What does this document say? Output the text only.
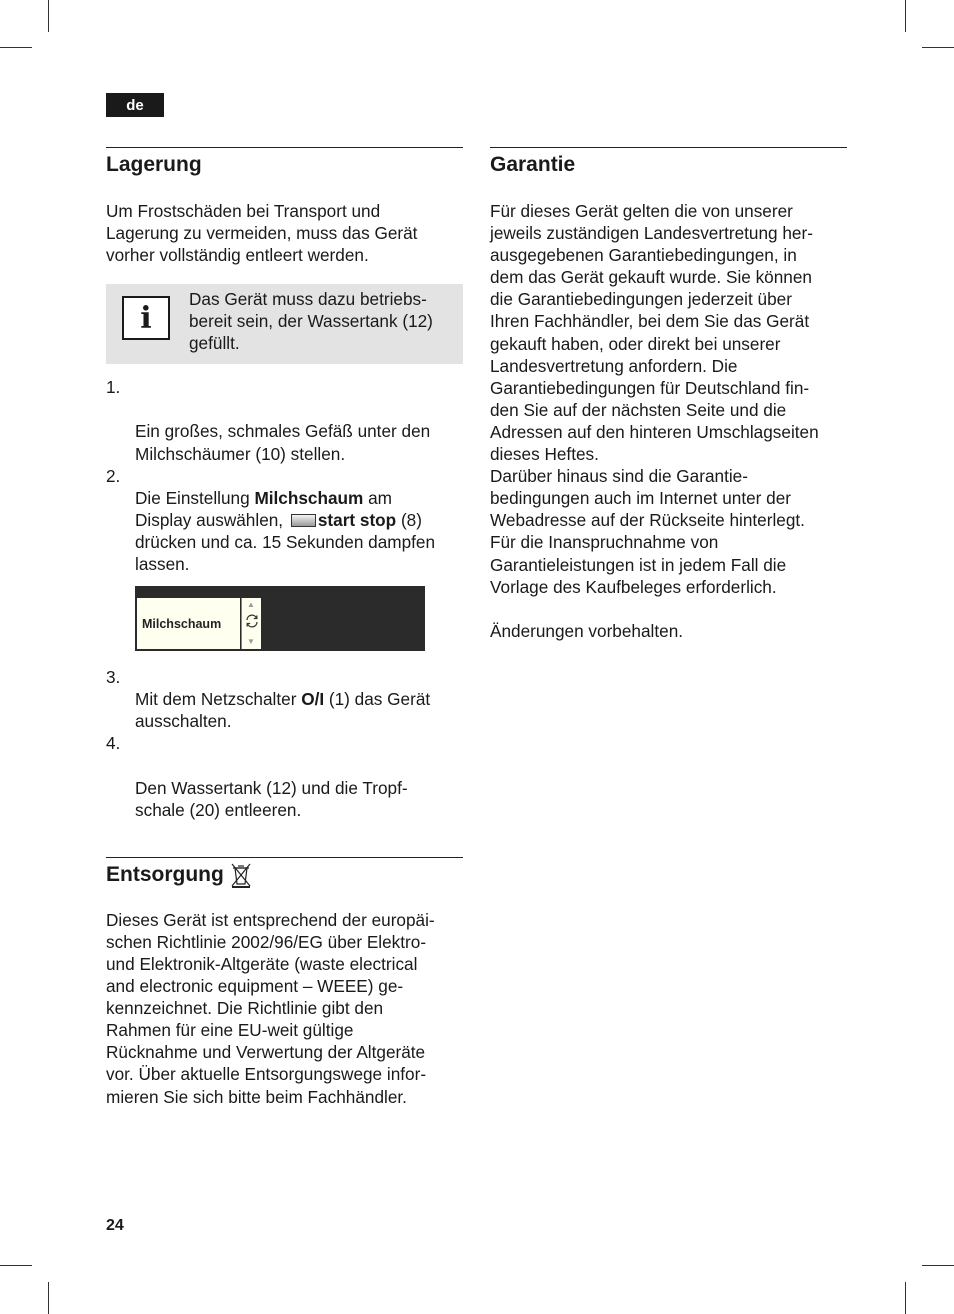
de
Lagerung
Um Frostschäden bei Transport und
Lagerung zu vermeiden, muss das Gerät
vorher vollständig entleert werden.
i
Das Gerät muss dazu betriebs-
bereit sein, der Wassertank (12)
gefüllt.

1.

Ein großes, schmales Gefäß unter den
Milchschäumer (10) stellen.

2.
Die Einstellung Milchschaum am
Display auswählen, start stop (8)
drücken und ca. 15 Sekunden dampfen
lassen.

Milchschaum
▲
▼

3.
Mit dem Netzschalter O/I (1) das Gerät
ausschalten.

4.

Den Wassertank (12) und die Tropf-
schale (20) entleeren.

Entsorgung
Dieses Gerät ist entsprechend der europäi-
schen Richtlinie 2002/96/EG über Elektro-
und Elektronik-Altgeräte (waste electrical
and electronic equipment – WEEE) ge-
kennzeichnet. Die Richtlinie gibt den
Rahmen für eine EU-weit gültige
Rücknahme und Verwertung der Altgeräte
vor. Über aktuelle Entsorgungswege infor-
mieren Sie sich bitte beim Fachhändler.
Garantie
Für dieses Gerät gelten die von unserer
jeweils zuständigen Landesvertretung her-
ausgegebenen Garantiebedingungen, in
dem das Gerät gekauft wurde. Sie können
die Garantiebedingungen jederzeit über
Ihren Fachhändler, bei dem Sie das Gerät
gekauft haben, oder direkt bei unserer
Landesvertretung anfordern. Die
Garantiebedingungen für Deutschland fin-
den Sie auf der nächsten Seite und die
Adressen auf den hinteren Umschlagseiten
dieses Heftes.
Darüber hinaus sind die Garantie-
bedingungen auch im Internet unter der
Webadresse auf der Rückseite hinterlegt.
Für die Inanspruchnahme von
Garantieleistungen ist in jedem Fall die
Vorlage des Kaufbeleges erforderlich.
Änderungen vorbehalten.
24
